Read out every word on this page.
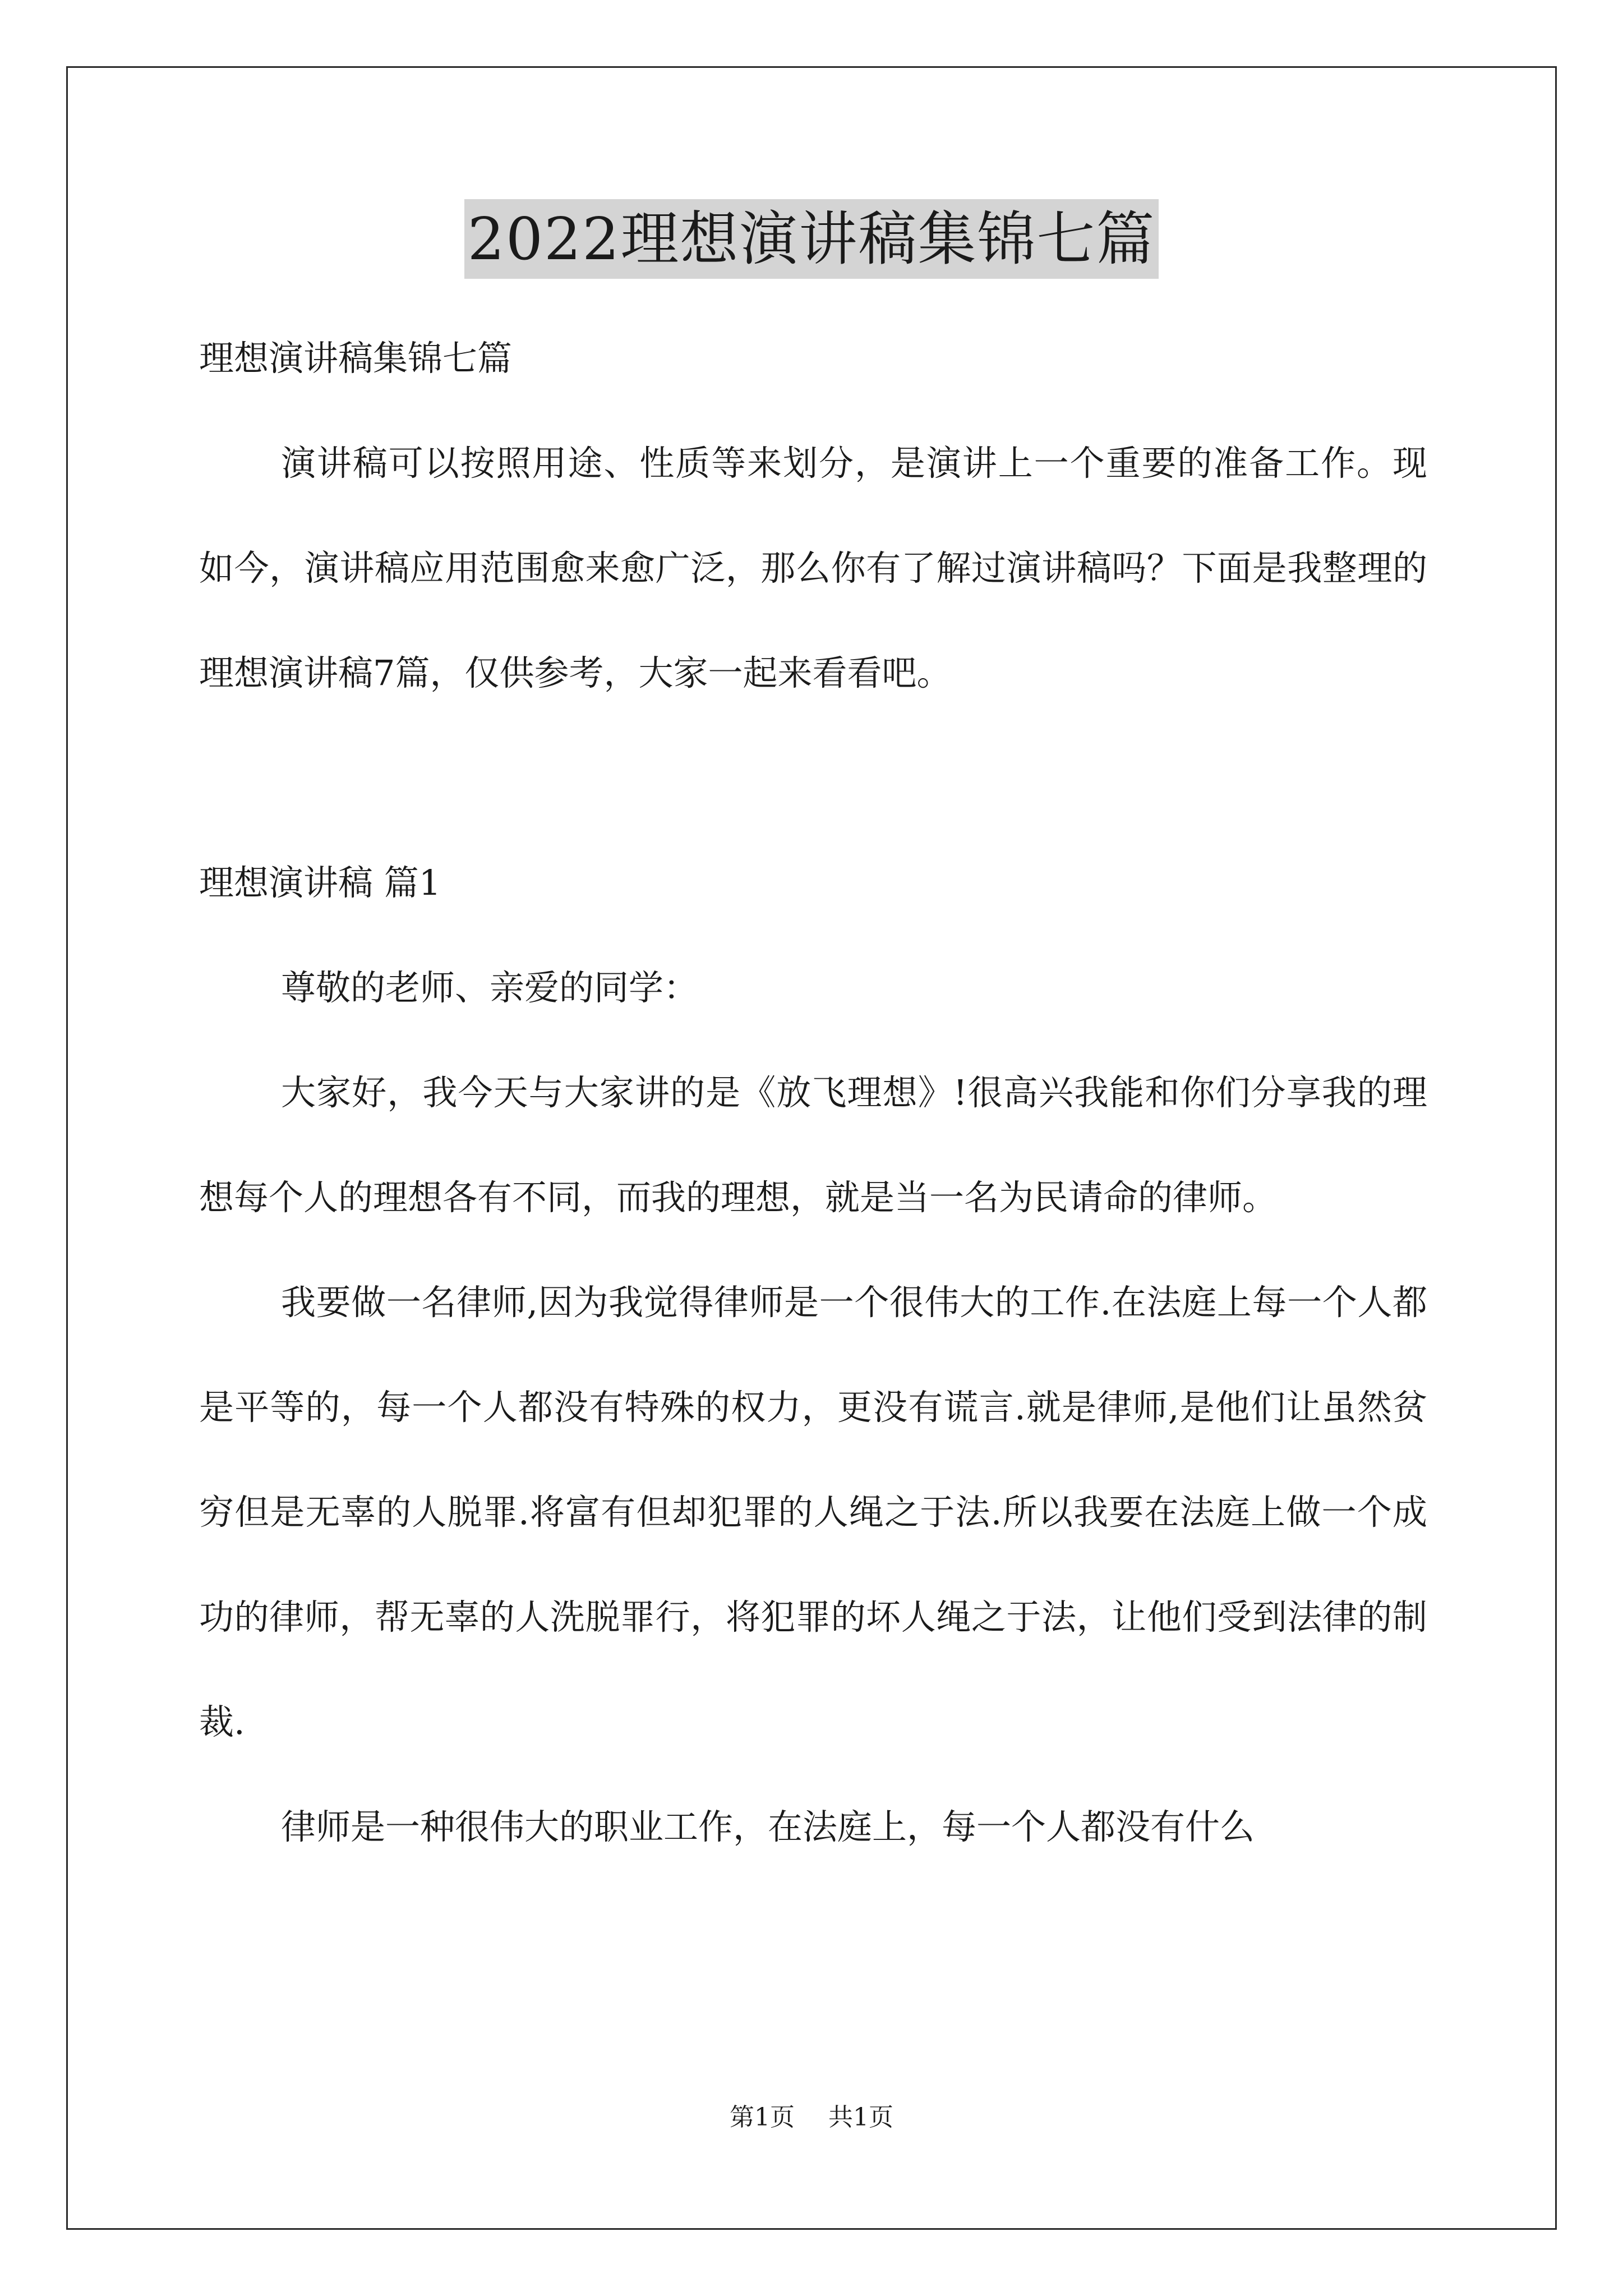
2022理想演讲稿集锦七篇

理想演讲稿集锦七篇

演讲稿可以按照用途、性质等来划分，是演讲上一个重要的准备工作。现如今，演讲稿应用范围愈来愈广泛，那么你有了解过演讲稿吗？下面是我整理的理想演讲稿7篇，仅供参考，大家一起来看看吧。

理想演讲稿 篇1

尊敬的老师、亲爱的同学：

大家好，我今天与大家讲的是《放飞理想》!很高兴我能和你们分享我的理想每个人的理想各有不同，而我的理想，就是当一名为民请命的律师。

我要做一名律师,因为我觉得律师是一个很伟大的工作.在法庭上每一个人都是平等的，每一个人都没有特殊的权力，更没有谎言.就是律师,是他们让虽然贫穷但是无辜的人脱罪.将富有但却犯罪的人绳之于法.所以我要在法庭上做一个成功的律师，帮无辜的人洗脱罪行，将犯罪的坏人绳之于法，让他们受到法律的制裁.

律师是一种很伟大的职业工作，在法庭上，每一个人都没有什么

第1页 共1页
